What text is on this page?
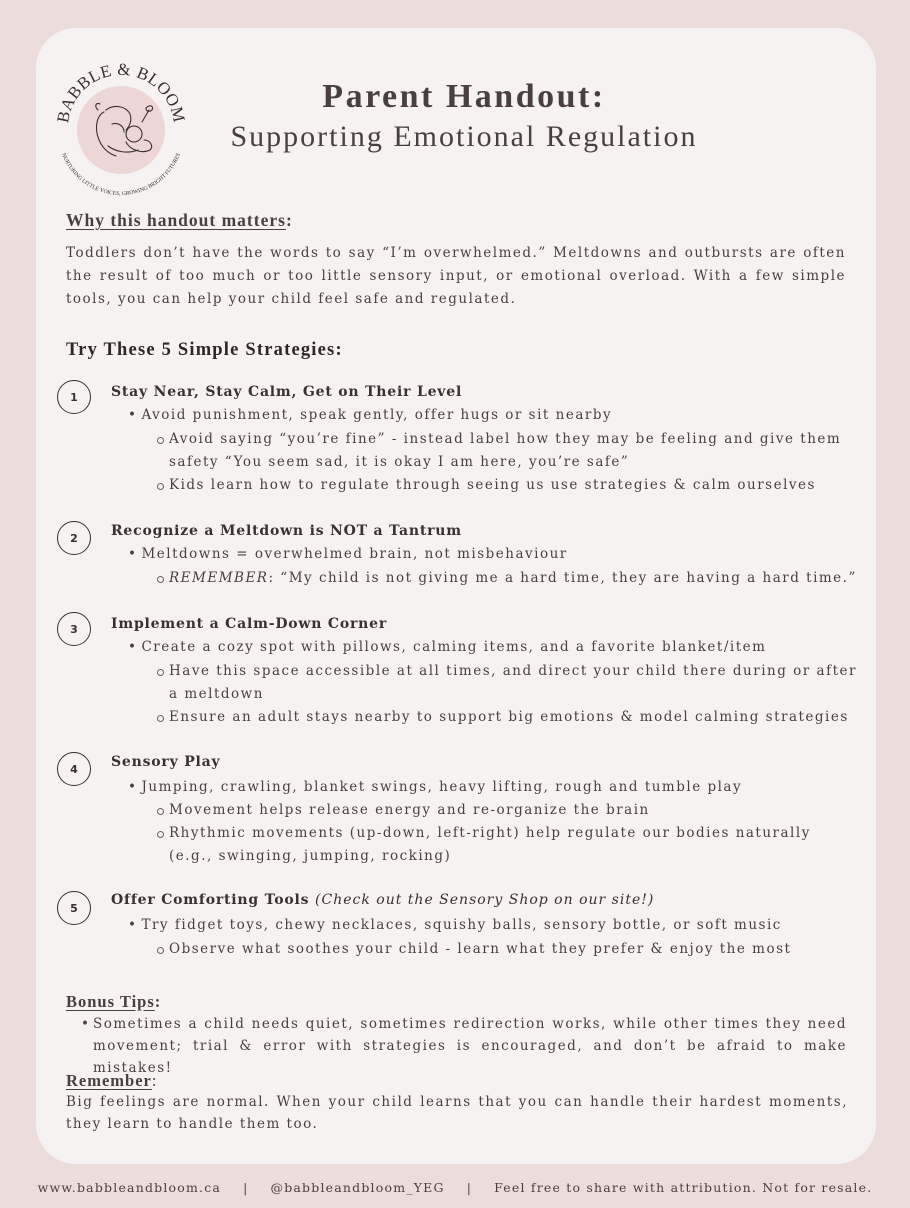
BABBLE & BLOOM
NURTURING LITTLE VOICES, GROWING BRIGHT FUTURES
Parent Handout:
Supporting Emotional Regulation
Why this handout matters:
Toddlers don’t have the words to say “I’m overwhelmed.” Meltdowns and outbursts are often the result of too much or too little sensory input, or emotional overload. With a few simple tools, you can help your child feel safe and regulated.
Try These 5 Simple Strategies:
1	Stay Near, Stay Calm, Get on Their Level
• Avoid punishment, speak gently, offer hugs or sit nearby
Avoid saying “you’re fine” - instead label how they may be feeling and give them safety “You seem sad, it is okay I am here, you’re safe”
Kids learn how to regulate through seeing us use strategies & calm ourselves
2	Recognize a Meltdown is NOT a Tantrum
• Meltdowns = overwhelmed brain, not misbehaviour
REMEMBER: “My child is not giving me a hard time, they are having a hard time.”
3	Implement a Calm-Down Corner
• Create a cozy spot with pillows, calming items, and a favorite blanket/item
Have this space accessible at all times, and direct your child there during or after a meltdown
Ensure an adult stays nearby to support big emotions & model calming strategies
4	Sensory Play
• Jumping, crawling, blanket swings, heavy lifting, rough and tumble play
Movement helps release energy and re-organize the brain
Rhythmic movements (up-down, left-right) help regulate our bodies naturally (e.g., swinging, jumping, rocking)
5	Offer Comforting Tools (Check out the Sensory Shop on our site!)
• Try fidget toys, chewy necklaces, squishy balls, sensory bottle, or soft music
Observe what soothes your child - learn what they prefer & enjoy the most
Bonus Tips:
• Sometimes a child needs quiet, sometimes redirection works, while other times they need movement; trial & error with strategies is encouraged, and don’t be afraid to make mistakes!
Remember:
Big feelings are normal. When your child learns that you can handle their hardest moments, they learn to handle them too.
www.babbleandbloom.ca | @babbleandbloom_YEG | Feel free to share with attribution. Not for resale.
